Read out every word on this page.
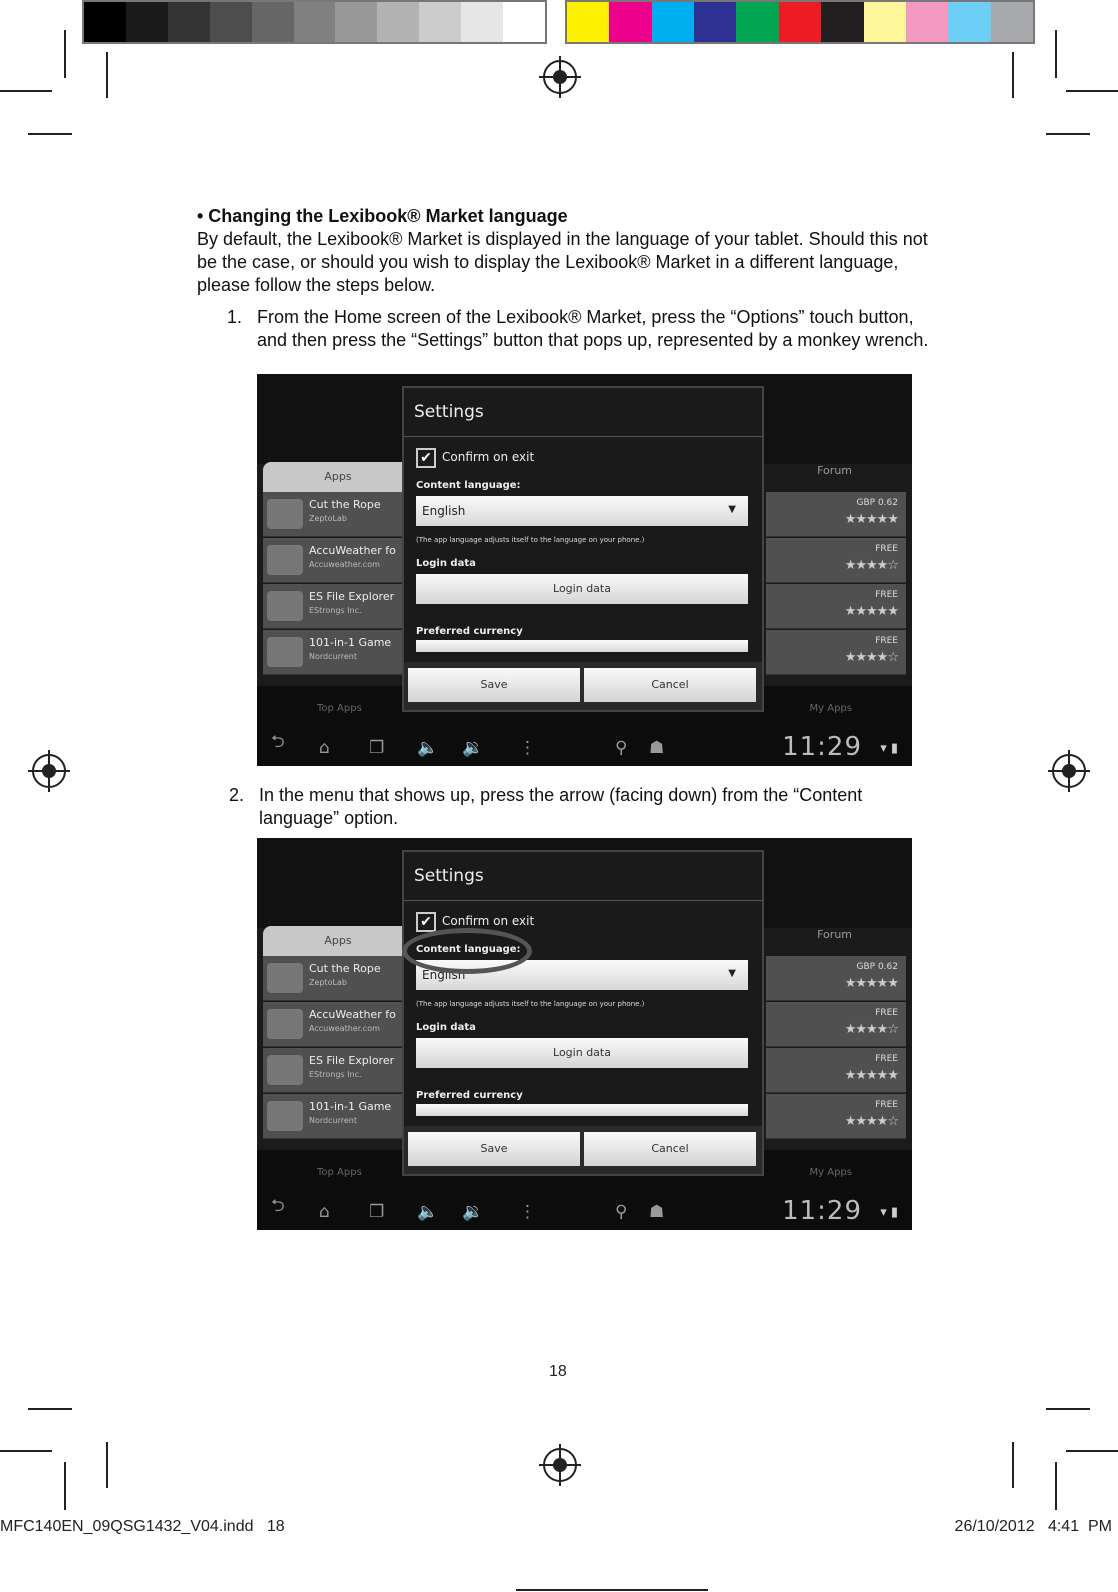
• Changing the Lexibook® Market language
By default, the Lexibook® Market is displayed in the language of your tablet. Should this not be the case, or should you wish to display the Lexibook® Market in a different language, please follow the steps below.
1. From the Home screen of the Lexibook® Market, press the “Options” touch button, and then press the “Settings” button that pops up, represented by a monkey wrench.
Apps	Forum
Cut the Rope
ZeptoLab
AccuWeather fo
Accuweather.com
ES File Explorer
EStrongs Inc.
101-in-1 Game
Nordcurrent
GBP 0.62
★★★★★
FREE
★★★★☆
FREE
★★★★★
FREE
★★★★☆
Top Apps	My Apps
⮌ ⌂ ❐ 🔈 🔉 ⋮	⚲ ☗	11:29 ▾ ▮
Settings
✔ Confirm on exit
Content language:
English	▼
(The app language adjusts itself to the language on your phone.)
Login data
Login data
Preferred currency
Save	Cancel
2. In the menu that shows up, press the arrow (facing down) from the “Content language” option.
Apps	Forum
Cut the Rope
ZeptoLab
AccuWeather fo
Accuweather.com
ES File Explorer
EStrongs Inc.
101-in-1 Game
Nordcurrent
GBP 0.62
★★★★★
FREE
★★★★☆
FREE
★★★★★
FREE
★★★★☆
Top Apps	My Apps
⮌ ⌂ ❐ 🔈 🔉 ⋮	⚲ ☗	11:29 ▾ ▮
Settings
✔ Confirm on exit
Content language:
English	▼
(The app language adjusts itself to the language on your phone.)
Login data
Login data
Preferred currency
Save	Cancel
18
MFC140EN_09QSG1432_V04.indd   18	26/10/2012   4:41  PM
